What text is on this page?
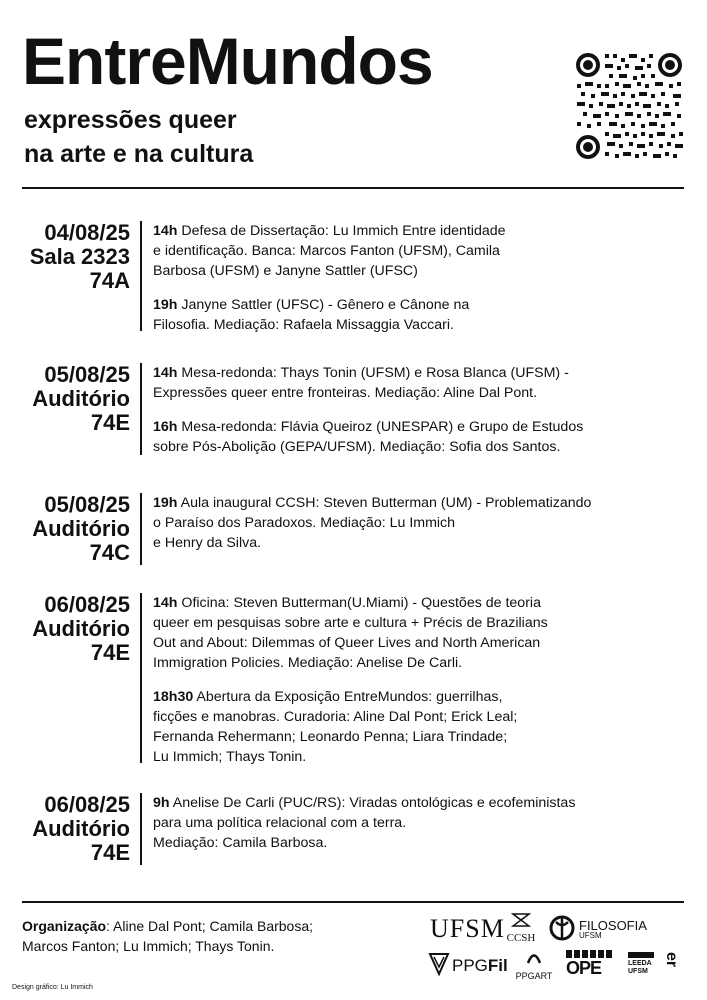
EntreMundos
expressões queer
na arte e na cultura
04/08/25
Sala 2323
74A
14h Defesa de Dissertação: Lu Immich Entre identidade
e identificação. Banca: Marcos Fanton (UFSM), Camila
Barbosa (UFSM) e Janyne Sattler (UFSC)
19h Janyne Sattler (UFSC) - Gênero e Cânone na
Filosofia. Mediação: Rafaela Missaggia Vaccari.
05/08/25
Auditório
74E
14h Mesa-redonda: Thays Tonin (UFSM) e Rosa Blanca (UFSM) -
Expressões queer entre fronteiras. Mediação: Aline Dal Pont.
16h Mesa-redonda: Flávia Queiroz (UNESPAR) e Grupo de Estudos
sobre Pós-Abolição (GEPA/UFSM). Mediação: Sofia dos Santos.
05/08/25
Auditório
74C
19h Aula inaugural CCSH: Steven Butterman (UM) - Problematizando
o Paraíso dos Paradoxos. Mediação: Lu Immich
e Henry da Silva.
06/08/25
Auditório
74E
14h Oficina: Steven Butterman(U.Miami) - Questões de teoria
queer em pesquisas sobre arte e cultura + Précis de Brazilians
Out and About: Dilemmas of Queer Lives and North American
Immigration Policies. Mediação: Anelise De Carli.
18h30 Abertura da Exposição EntreMundos: guerrilhas,
ficções e manobras. Curadoria: Aline Dal Pont; Erick Leal;
Fernanda Rehermann; Leonardo Penna; Liara Trindade;
Lu Immich; Thays Tonin.
06/08/25
Auditório
74E
9h Anelise De Carli (PUC/RS): Viradas ontológicas e ecofeministas
para uma política relacional com a terra.
Mediação: Camila Barbosa.
Organização: Aline Dal Pont; Camila Barbosa;
Marcos Fanton; Lu Immich; Thays Tonin.
UFSM CCSH
FILOSOFIA
UFSM
PPGFil
PPGART OPE	LEEDA
UFSM
er
Design gráfico: Lu Immich
